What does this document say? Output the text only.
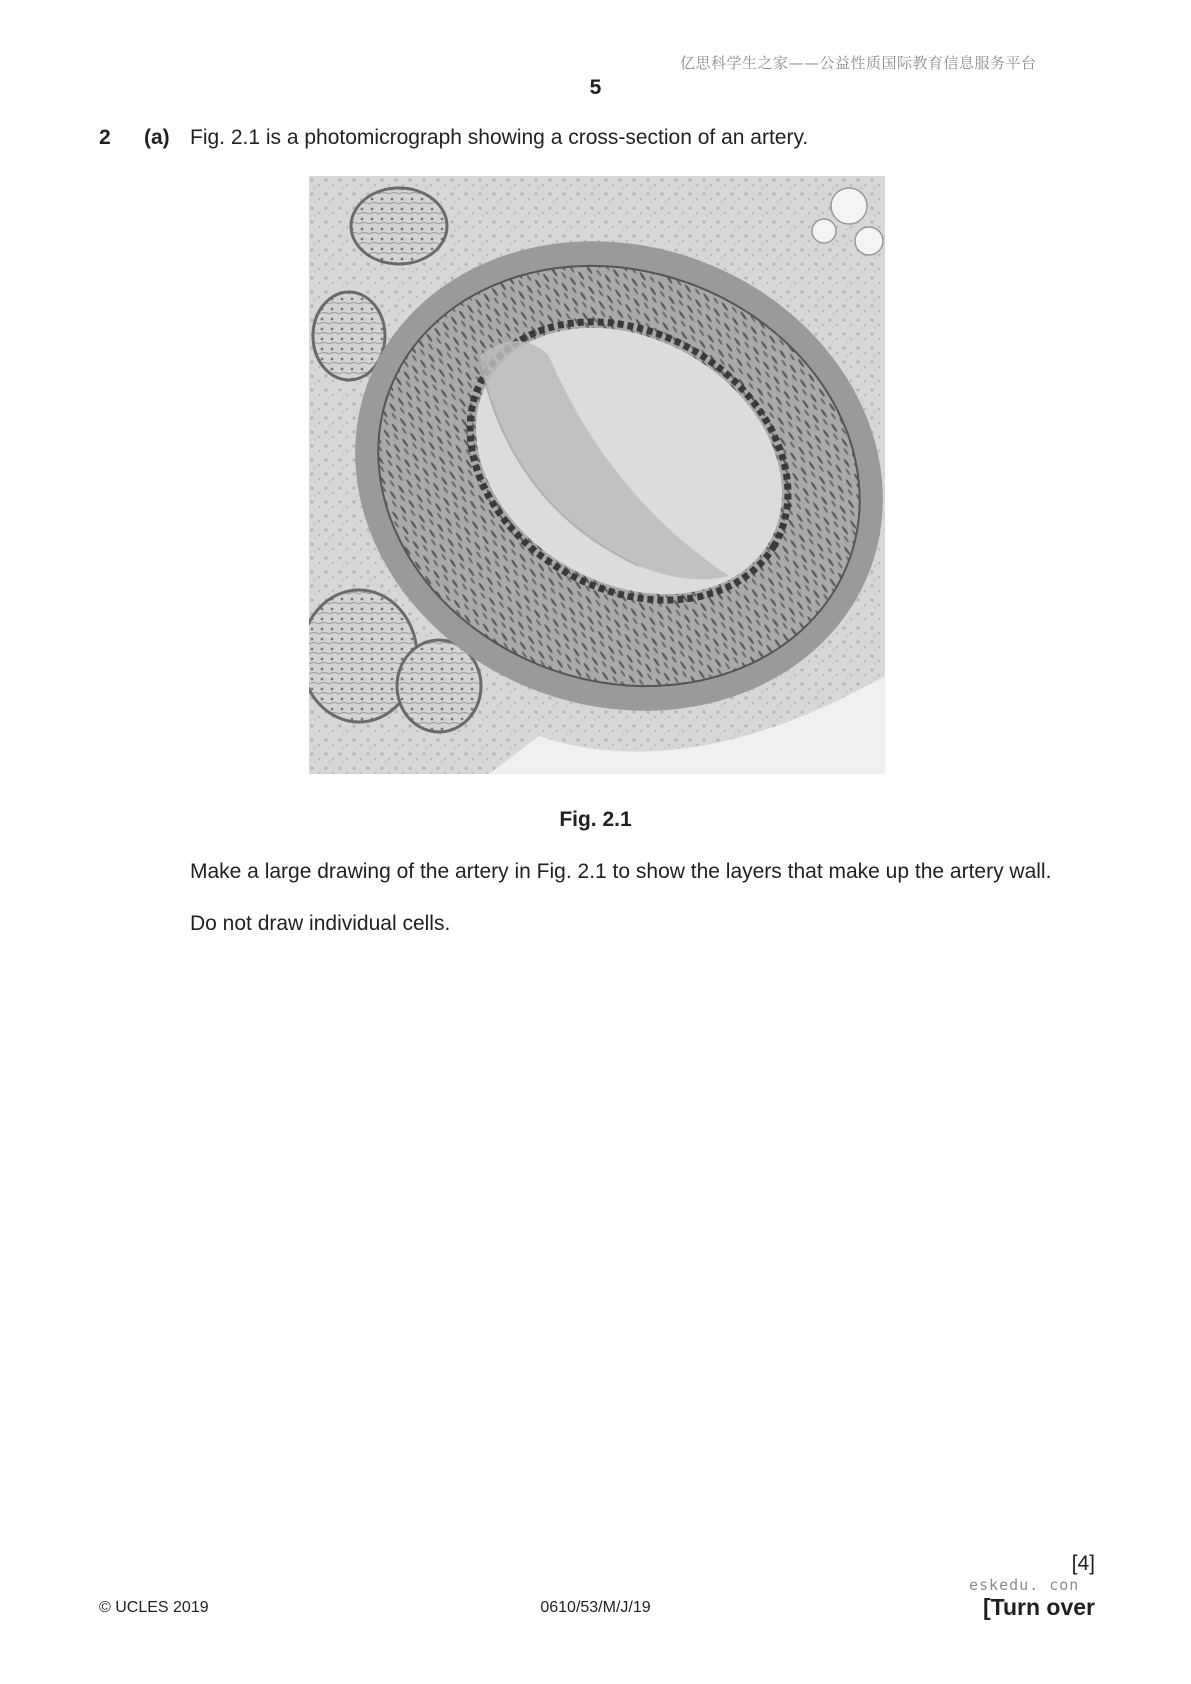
亿思科学生之家——公益性质国际教育信息服务平台
5
2 (a) Fig. 2.1 is a photomicrograph showing a cross-section of an artery.
Fig. 2.1
Make a large drawing of the artery in Fig. 2.1 to show the layers that make up the artery wall.
Do not draw individual cells.
[4]
eskedu. con
© UCLES 2019	0610/53/M/J/19	[Turn over
